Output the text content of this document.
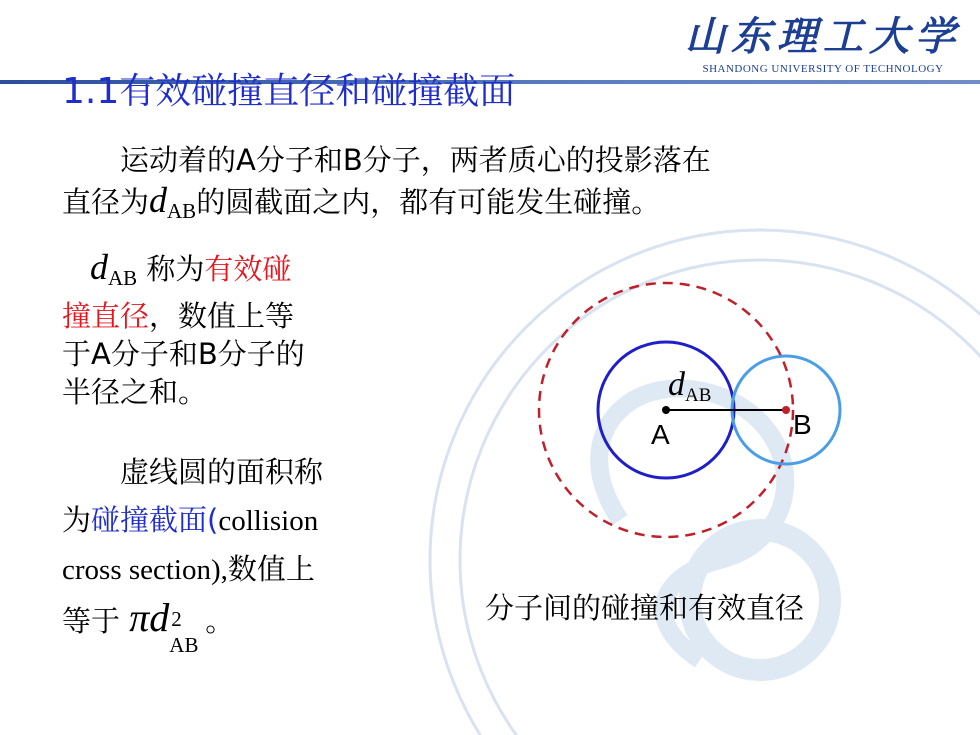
山东理工大学
SHANDONG UNIVERSITY OF TECHNOLOGY
1.1有效碰撞直径和碰撞截面
运动着的A分子和B分子，两者质心的投影落在
直径为$d_{AB}$的圆截面之内，都有可能发生碰撞。
$d_{AB}$ 称为有效碰
撞直径，数值上等
于A分子和B分子的
半径之和。
虚线圆的面积称
为碰撞截面(collision
cross section),数值上
等于 πd 2
AB
。
dAB
A	B
分子间的碰撞和有效直径
